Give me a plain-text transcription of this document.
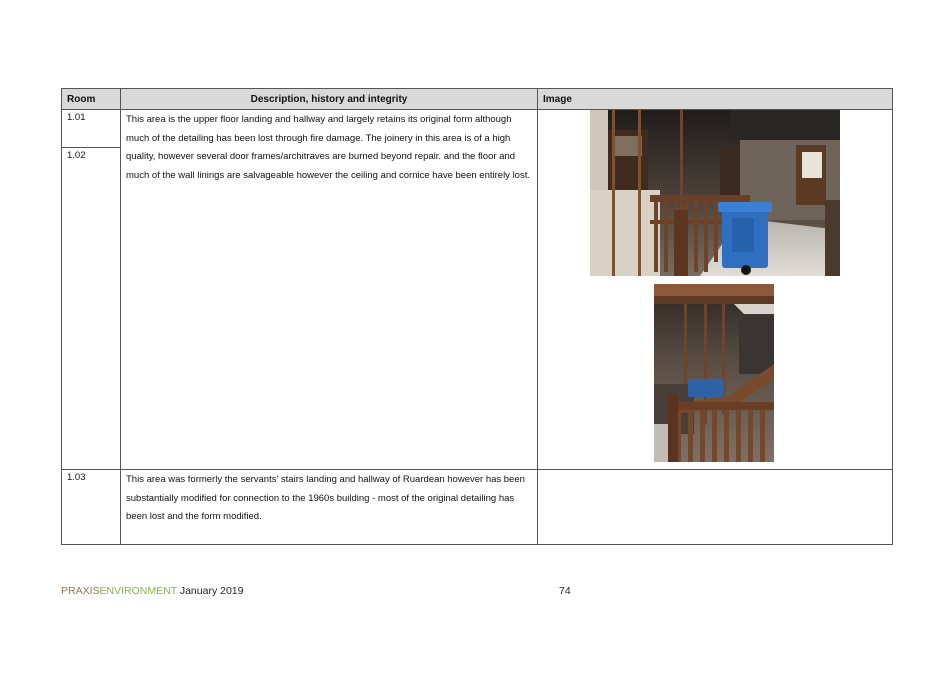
Room	Description, history and integrity	Image

1.01
1.02	This area is the upper floor landing and hallway and largely retains its original form although much of the detailing has been lost through fire damage. The joinery in this area is of a high quality, however several door frames/architraves are burned beyond repair. and the floor and much of the wall linings are salvageable however the ceiling and cornice have been entirely lost.

1.03	This area was formerly the servants' stairs landing and hallway of Ruardean however has been substantially modified for connection to the 1960s building - most of the original detailing has been lost and the form modified.	

PRAXISENVIRONMENT January 2019	74
